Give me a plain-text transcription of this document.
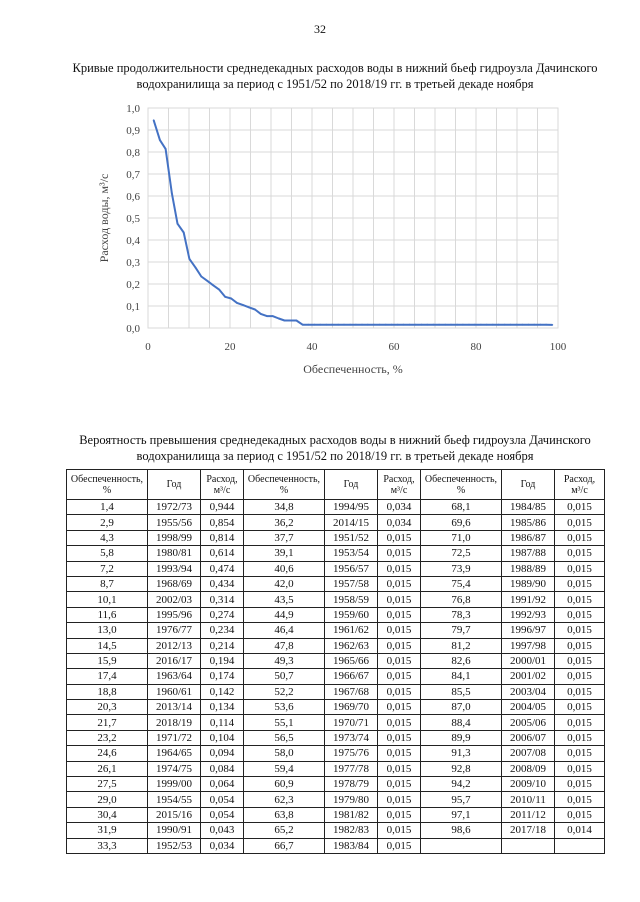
32
Кривые продолжительности среднедекадных расходов воды в нижний бьеф гидроузла Дачинского водохранилища за период с 1951/52 по 2018/19 гг. в третьей декаде ноября
0,0
0,1
0,2
0,3
0,4
0,5
0,6
0,7
0,8
0,9
1,0
0	20	40	60	80	100
Обеспеченность, %
Расход воды, м³/с
Вероятность превышения среднедекадных расходов воды в нижний бьеф гидроузла Дачинского водохранилища за период с 1951/52 по 2018/19 гг. в третьей декаде ноября
Обеспеченность, %	Год	Расход, м³/с	Обеспеченность, %	Год	Расход, м³/с	Обеспеченность, %	Год	Расход, м³/с
1,4	1972/73	0,944	34,8	1994/95	0,034	68,1	1984/85	0,015
2,9	1955/56	0,854	36,2	2014/15	0,034	69,6	1985/86	0,015
4,3	1998/99	0,814	37,7	1951/52	0,015	71,0	1986/87	0,015
5,8	1980/81	0,614	39,1	1953/54	0,015	72,5	1987/88	0,015
7,2	1993/94	0,474	40,6	1956/57	0,015	73,9	1988/89	0,015
8,7	1968/69	0,434	42,0	1957/58	0,015	75,4	1989/90	0,015
10,1	2002/03	0,314	43,5	1958/59	0,015	76,8	1991/92	0,015
11,6	1995/96	0,274	44,9	1959/60	0,015	78,3	1992/93	0,015
13,0	1976/77	0,234	46,4	1961/62	0,015	79,7	1996/97	0,015
14,5	2012/13	0,214	47,8	1962/63	0,015	81,2	1997/98	0,015
15,9	2016/17	0,194	49,3	1965/66	0,015	82,6	2000/01	0,015
17,4	1963/64	0,174	50,7	1966/67	0,015	84,1	2001/02	0,015
18,8	1960/61	0,142	52,2	1967/68	0,015	85,5	2003/04	0,015
20,3	2013/14	0,134	53,6	1969/70	0,015	87,0	2004/05	0,015
21,7	2018/19	0,114	55,1	1970/71	0,015	88,4	2005/06	0,015
23,2	1971/72	0,104	56,5	1973/74	0,015	89,9	2006/07	0,015
24,6	1964/65	0,094	58,0	1975/76	0,015	91,3	2007/08	0,015
26,1	1974/75	0,084	59,4	1977/78	0,015	92,8	2008/09	0,015
27,5	1999/00	0,064	60,9	1978/79	0,015	94,2	2009/10	0,015
29,0	1954/55	0,054	62,3	1979/80	0,015	95,7	2010/11	0,015
30,4	2015/16	0,054	63,8	1981/82	0,015	97,1	2011/12	0,015
31,9	1990/91	0,043	65,2	1982/83	0,015	98,6	2017/18	0,014
33,3	1952/53	0,034	66,7	1983/84	0,015			
